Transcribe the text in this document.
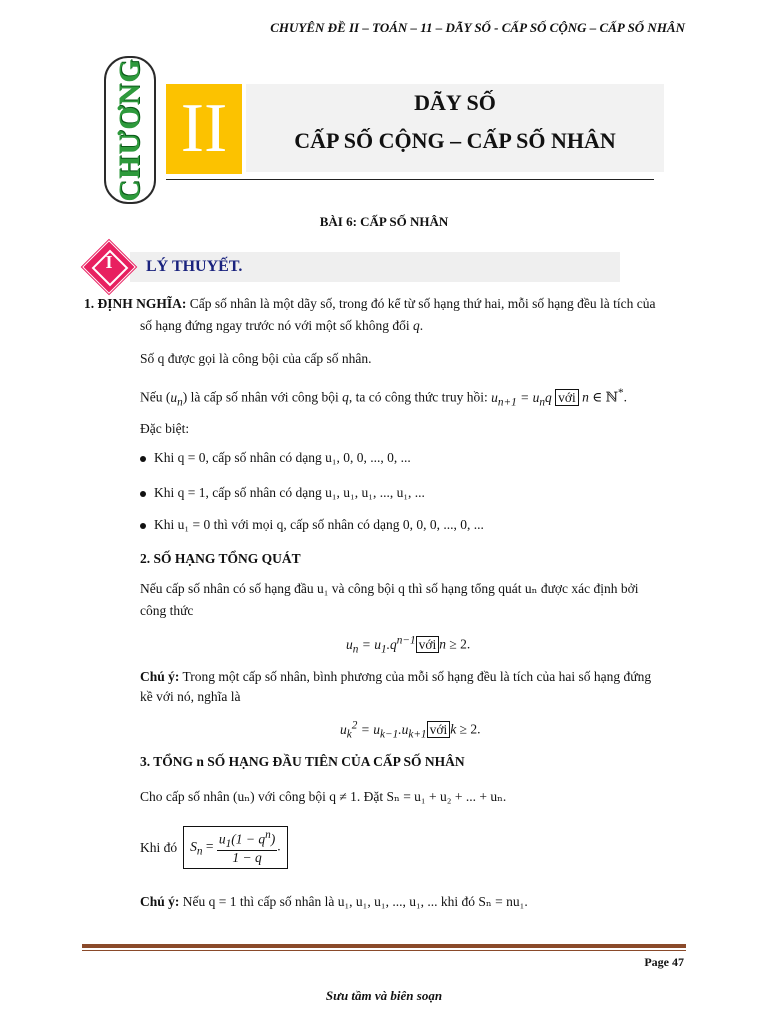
CHUYÊN ĐỀ II – TOÁN – 11 – DÃY SỐ - CẤP SỐ CỘNG – CẤP SỐ NHÂN
CHƯƠNG II	DÃY SỐ
CẤP SỐ CỘNG – CẤP SỐ NHÂN
BÀI 6: CẤP SỐ NHÂN
I	LÝ THUYẾT.
1. ĐỊNH NGHĨA: Cấp số nhân là một dãy số, trong đó kể từ số hạng thứ hai, mỗi số hạng đều là tích của
số hạng đứng ngay trước nó với một số không đổi q.
Số q được gọi là công bội của cấp số nhân.
Nếu $(u_n)$ là cấp số nhân với công bội q, ta có công thức truy hồi: $u_{n+1} = u_nq$ với n ∈ ℕ*.
Đặc biệt:
Khi q = 0, cấp số nhân có dạng u₁, 0, 0, ..., 0, ...
Khi q = 1, cấp số nhân có dạng u₁, u₁, u₁, ..., u₁, ...
Khi u₁ = 0 thì với mọi q, cấp số nhân có dạng 0, 0, 0, ..., 0, ...
2. SỐ HẠNG TỔNG QUÁT
Nếu cấp số nhân có số hạng đầu u₁ và công bội q thì số hạng tổng quát uₙ được xác định bởi
công thức
$u_n = u_1.q^{n-1}$ với n ≥ 2.
Chú ý: Trong một cấp số nhân, bình phương của mỗi số hạng đều là tích của hai số hạng đứng
kề với nó, nghĩa là
$u_k^2 = u_{k-1}.u_{k+1}$ với k ≥ 2.
3. TỔNG n SỐ HẠNG ĐẦU TIÊN CỦA CẤP SỐ NHÂN
Cho cấp số nhân (uₙ) với công bội q ≠ 1. Đặt Sₙ = u₁ + u₂ + ... + uₙ.
Khi đó $S_n = \frac{u_1(1 - q^n)}{1 - q}$ .
Chú ý: Nếu q = 1 thì cấp số nhân là u₁, u₁, u₁, ..., u₁, ... khi đó Sₙ = nu₁.
Page 47
Sưu tầm và biên soạn
